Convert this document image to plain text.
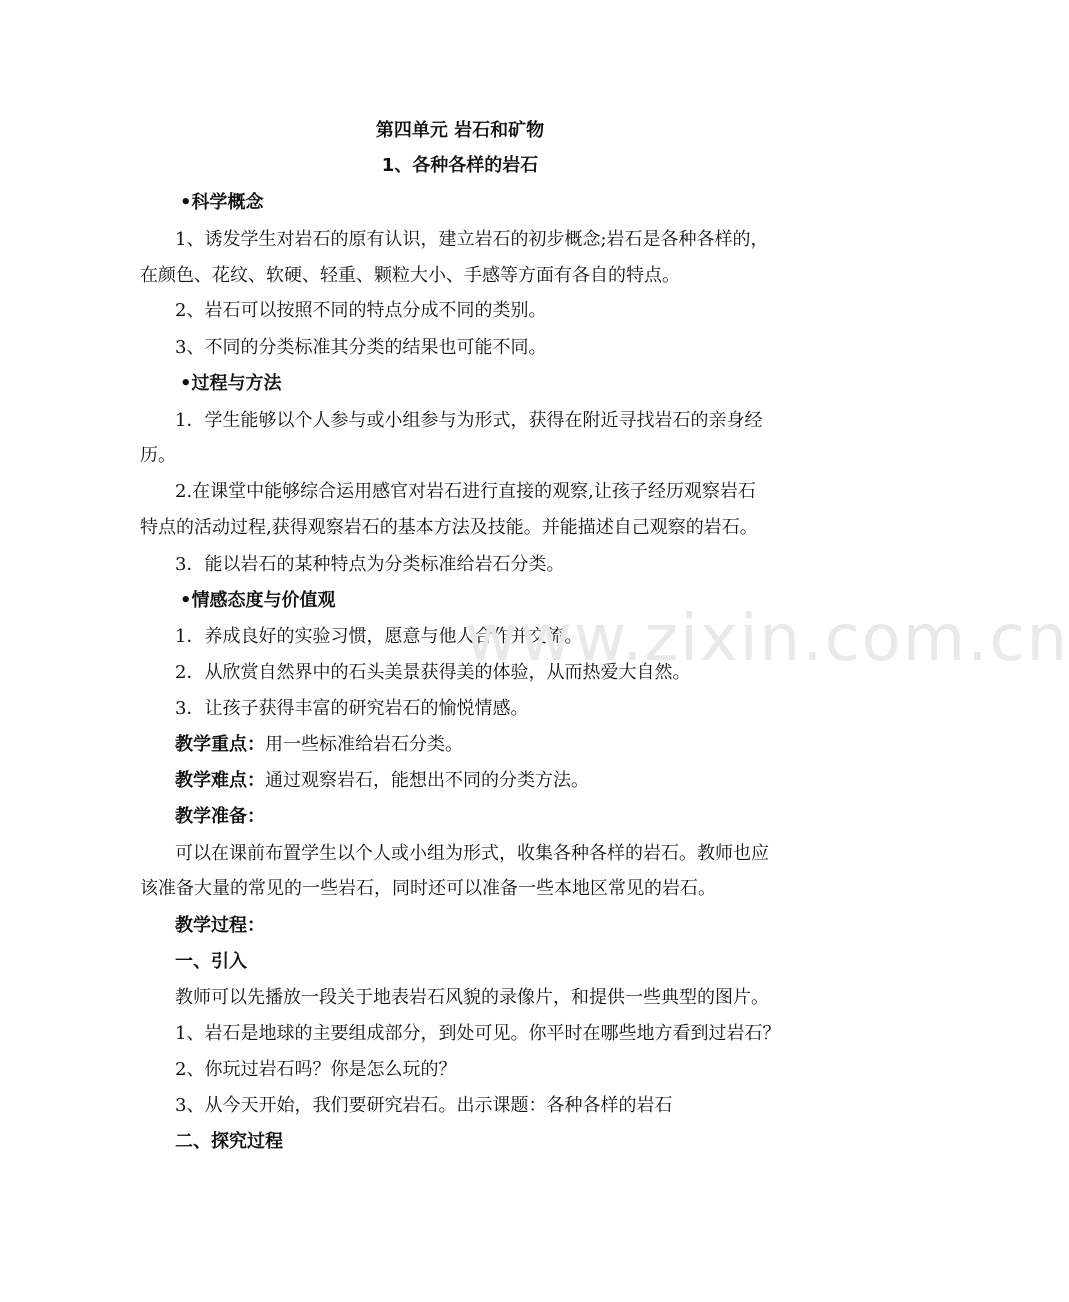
第四单元 岩石和矿物
1、各种各样的岩石
•科学概念
1、诱发学生对岩石的原有认识，建立岩石的初步概念;岩石是各种各样的，
在颜色、花纹、软硬、轻重、颗粒大小、手感等方面有各自的特点。
2、岩石可以按照不同的特点分成不同的类别。
3、不同的分类标准其分类的结果也可能不同。
•过程与方法
1．学生能够以个人参与或小组参与为形式，获得在附近寻找岩石的亲身经
历。
2.在课堂中能够综合运用感官对岩石进行直接的观察,让孩子经历观察岩石
特点的活动过程,获得观察岩石的基本方法及技能。并能描述自己观察的岩石。
3．能以岩石的某种特点为分类标准给岩石分类。
•情感态度与价值观
1．养成良好的实验习惯，愿意与他人合作并交流。
2．从欣赏自然界中的石头美景获得美的体验，从而热爱大自然。
3．让孩子获得丰富的研究岩石的愉悦情感。
教学重点：用一些标准给岩石分类。
教学难点：通过观察岩石，能想出不同的分类方法。
教学准备：
可以在课前布置学生以个人或小组为形式，收集各种各样的岩石。教师也应
该准备大量的常见的一些岩石，同时还可以准备一些本地区常见的岩石。
教学过程：
一、引入
教师可以先播放一段关于地表岩石风貌的录像片，和提供一些典型的图片。
1、岩石是地球的主要组成部分，到处可见。你平时在哪些地方看到过岩石？
2、你玩过岩石吗？你是怎么玩的？
3、从今天开始，我们要研究岩石。出示课题：各种各样的岩石
二、探究过程
www.zixin.com.cn
